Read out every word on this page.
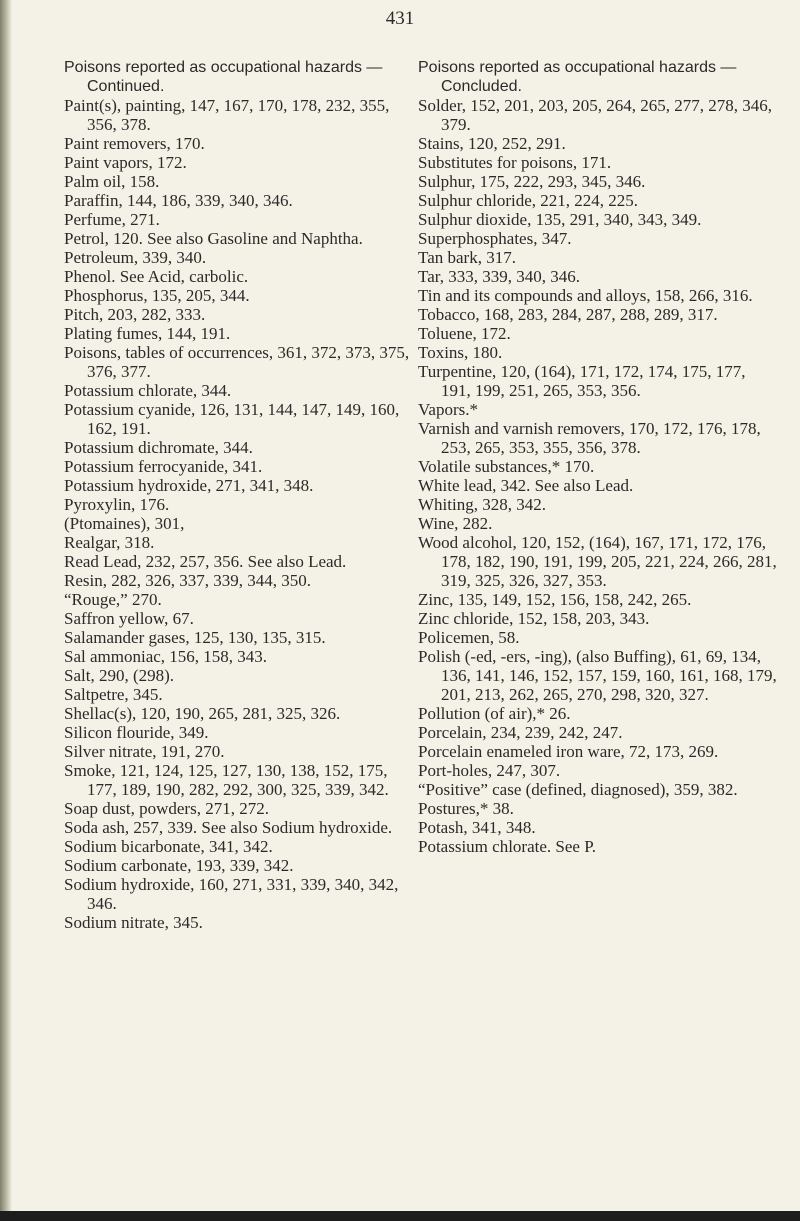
431
Poisons reported as occupational hazards — Continued.
Paint(s), painting, 147, 167, 170, 178, 232, 355, 356, 378.
Paint removers, 170.
Paint vapors, 172.
Palm oil, 158.
Paraffin, 144, 186, 339, 340, 346.
Perfume, 271.
Petrol, 120. See also Gasoline and Naphtha.
Petroleum, 339, 340.
Phenol. See Acid, carbolic.
Phosphorus, 135, 205, 344.
Pitch, 203, 282, 333.
Plating fumes, 144, 191.
Poisons, tables of occurrences, 361, 372, 373, 375, 376, 377.
Potassium chlorate, 344.
Potassium cyanide, 126, 131, 144, 147, 149, 160, 162, 191.
Potassium dichromate, 344.
Potassium ferrocyanide, 341.
Potassium hydroxide, 271, 341, 348.
Pyroxylin, 176.
(Ptomaines), 301,
Realgar, 318.
Read Lead, 232, 257, 356. See also Lead.
Resin, 282, 326, 337, 339, 344, 350.
“Rouge,” 270.
Saffron yellow, 67.
Salamander gases, 125, 130, 135, 315.
Sal ammoniac, 156, 158, 343.
Salt, 290, (298).
Saltpetre, 345.
Shellac(s), 120, 190, 265, 281, 325, 326.
Silicon flouride, 349.
Silver nitrate, 191, 270.
Smoke, 121, 124, 125, 127, 130, 138, 152, 175, 177, 189, 190, 282, 292, 300, 325, 339, 342.
Soap dust, powders, 271, 272.
Soda ash, 257, 339. See also Sodium hydroxide.
Sodium bicarbonate, 341, 342.
Sodium carbonate, 193, 339, 342.
Sodium hydroxide, 160, 271, 331, 339, 340, 342, 346.
Sodium nitrate, 345.
Poisons reported as occupational hazards — Concluded.
Solder, 152, 201, 203, 205, 264, 265, 277, 278, 346, 379.
Stains, 120, 252, 291.
Substitutes for poisons, 171.
Sulphur, 175, 222, 293, 345, 346.
Sulphur chloride, 221, 224, 225.
Sulphur dioxide, 135, 291, 340, 343, 349.
Superphosphates, 347.
Tan bark, 317.
Tar, 333, 339, 340, 346.
Tin and its compounds and alloys, 158, 266, 316.
Tobacco, 168, 283, 284, 287, 288, 289, 317.
Toluene, 172.
Toxins, 180.
Turpentine, 120, (164), 171, 172, 174, 175, 177, 191, 199, 251, 265, 353, 356.
Vapors.*
Varnish and varnish removers, 170, 172, 176, 178, 253, 265, 353, 355, 356, 378.
Volatile substances,* 170.
White lead, 342. See also Lead.
Whiting, 328, 342.
Wine, 282.
Wood alcohol, 120, 152, (164), 167, 171, 172, 176, 178, 182, 190, 191, 199, 205, 221, 224, 266, 281, 319, 325, 326, 327, 353.
Zinc, 135, 149, 152, 156, 158, 242, 265.
Zinc chloride, 152, 158, 203, 343.
Policemen, 58.
Polish (-ed, -ers, -ing), (also Buffing), 61, 69, 134, 136, 141, 146, 152, 157, 159, 160, 161, 168, 179, 201, 213, 262, 265, 270, 298, 320, 327.
Pollution (of air),* 26.
Porcelain, 234, 239, 242, 247.
Porcelain enameled iron ware, 72, 173, 269.
Port-holes, 247, 307.
“Positive” case (defined, diagnosed), 359, 382.
Postures,* 38.
Potash, 341, 348.
Potassium chlorate. See P.
